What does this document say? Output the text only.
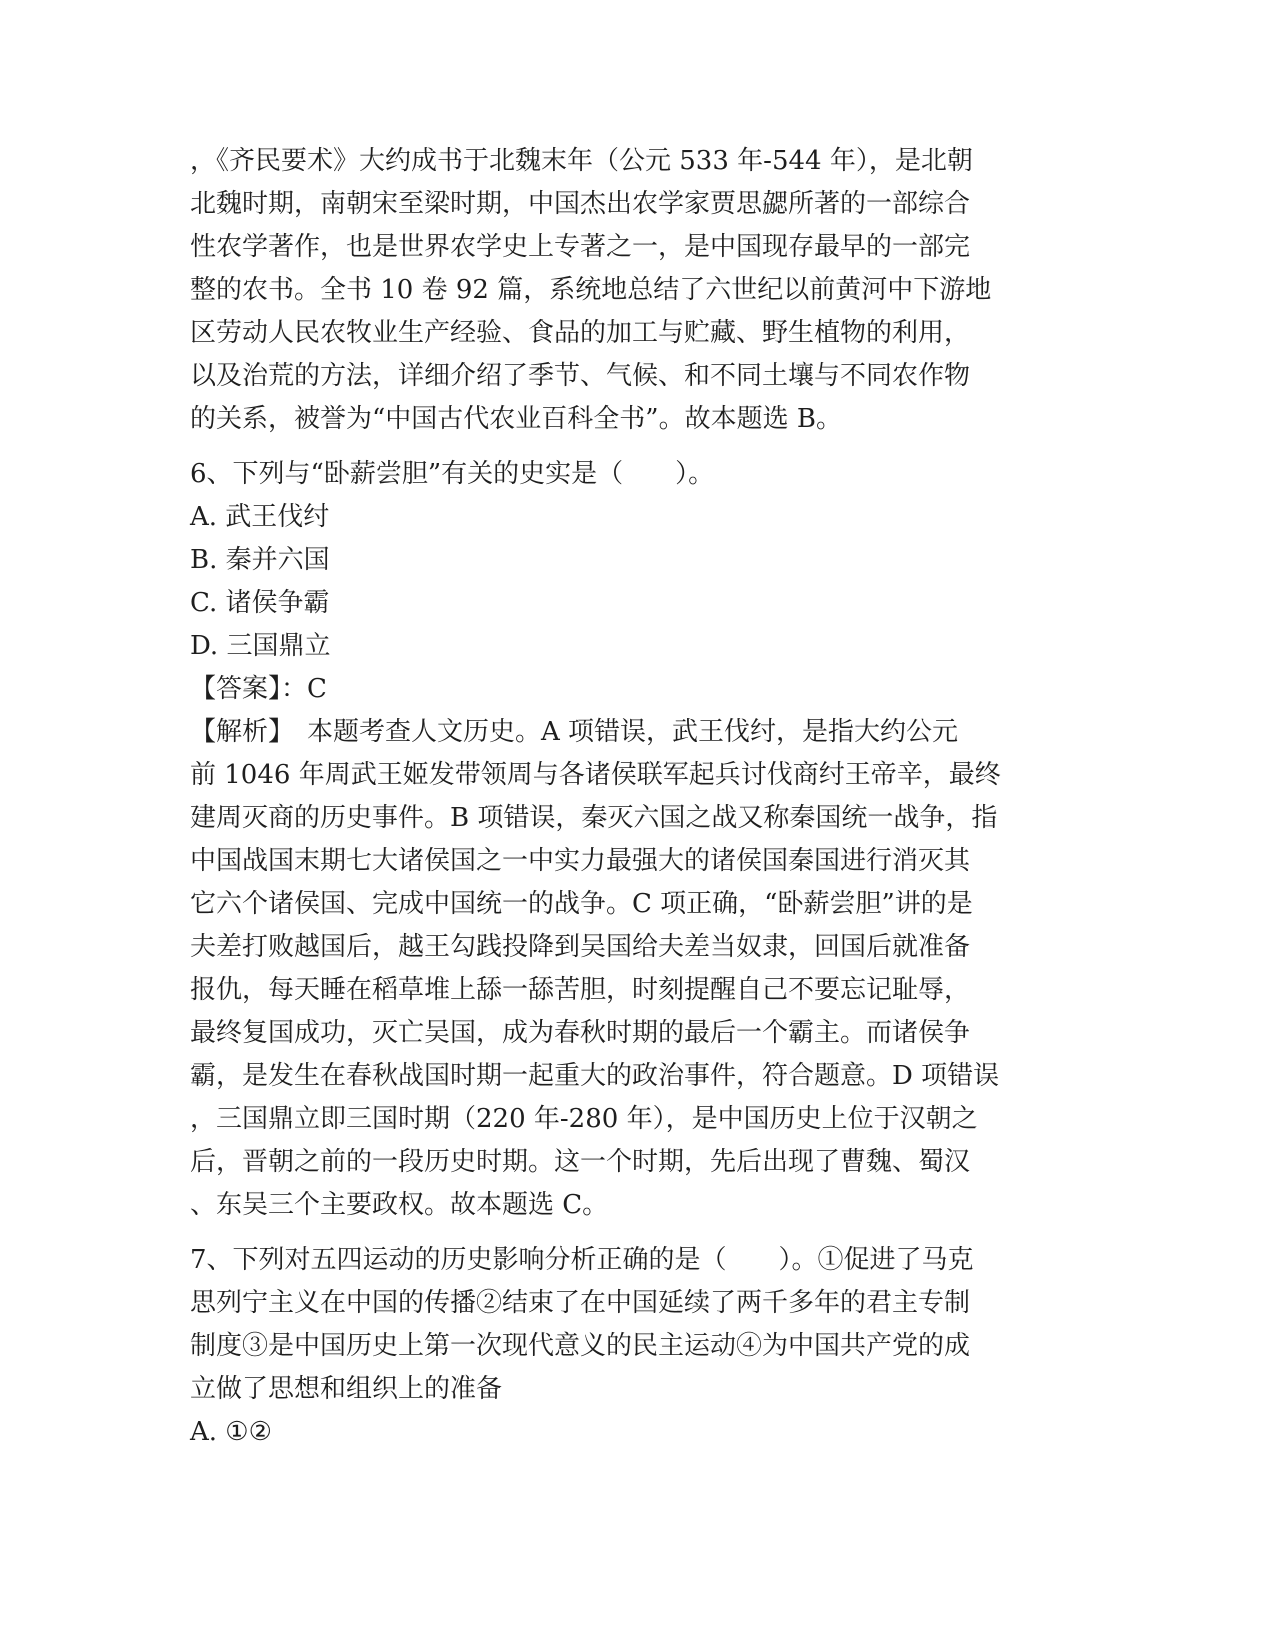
，《齐民要术》大约成书于北魏末年（公元 533 年-544 年），是北朝
北魏时期，南朝宋至梁时期，中国杰出农学家贾思勰所著的一部综合
性农学著作，也是世界农学史上专著之一，是中国现存最早的一部完
整的农书。全书 10 卷 92 篇，系统地总结了六世纪以前黄河中下游地
区劳动人民农牧业生产经验、食品的加工与贮藏、野生植物的利用，
以及治荒的方法，详细介绍了季节、气候、和不同土壤与不同农作物
的关系，被誉为“中国古代农业百科全书”。故本题选 B。
6、下列与“卧薪尝胆”有关的史实是（　　）。
A. 武王伐纣
B. 秦并六国
C. 诸侯争霸
D. 三国鼎立
【答案】：C
【解析】　本题考查人文历史。A 项错误，武王伐纣，是指大约公元
前 1046 年周武王姬发带领周与各诸侯联军起兵讨伐商纣王帝辛，最终
建周灭商的历史事件。B 项错误，秦灭六国之战又称秦国统一战争，指
中国战国末期七大诸侯国之一中实力最强大的诸侯国秦国进行消灭其
它六个诸侯国、完成中国统一的战争。C 项正确，“卧薪尝胆”讲的是
夫差打败越国后，越王勾践投降到吴国给夫差当奴隶，回国后就准备
报仇，每天睡在稻草堆上舔一舔苦胆，时刻提醒自己不要忘记耻辱，
最终复国成功，灭亡吴国，成为春秋时期的最后一个霸主。而诸侯争
霸，是发生在春秋战国时期一起重大的政治事件，符合题意。D 项错误
，三国鼎立即三国时期（220 年-280 年），是中国历史上位于汉朝之
后，晋朝之前的一段历史时期。这一个时期，先后出现了曹魏、蜀汉
、东吴三个主要政权。故本题选 C。
7、下列对五四运动的历史影响分析正确的是（　　）。①促进了马克
思列宁主义在中国的传播②结束了在中国延续了两千多年的君主专制
制度③是中国历史上第一次现代意义的民主运动④为中国共产党的成
立做了思想和组织上的准备
A. ①②
